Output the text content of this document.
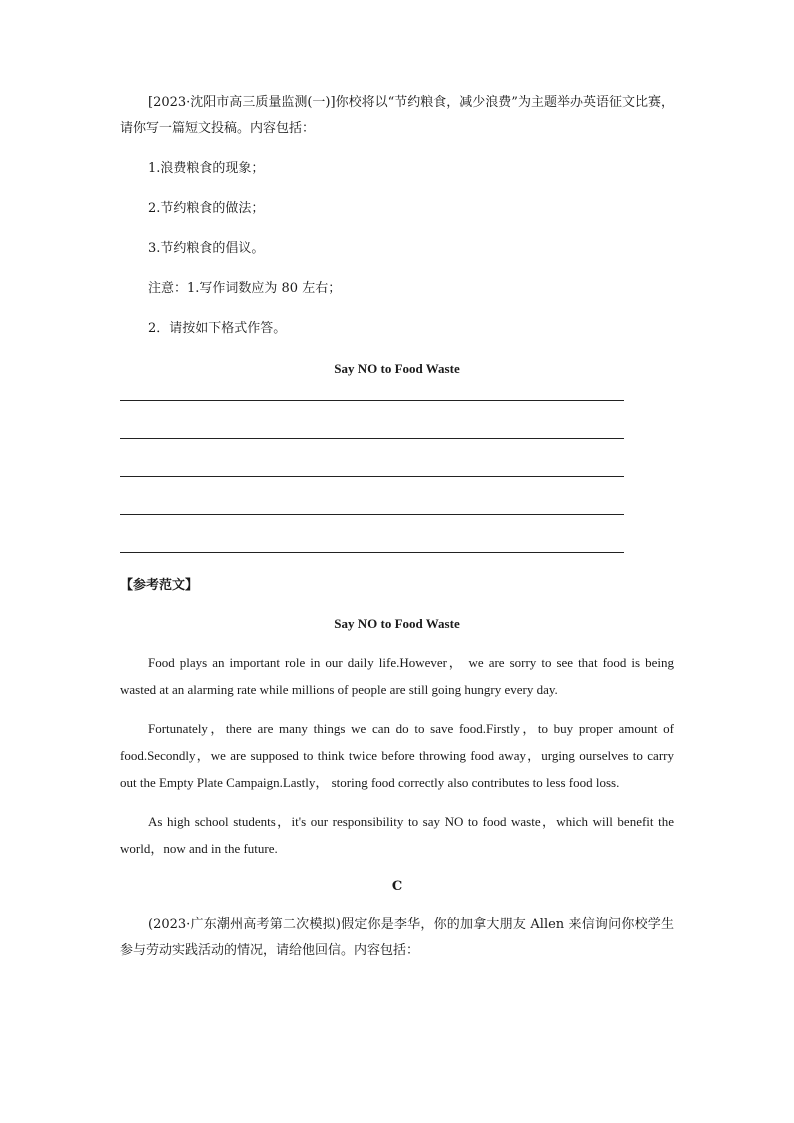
[2023·沈阳市高三质量监测(一)]你校将以“节约粮食，减少浪费”为主题举办英语征文比赛，请你写一篇短文投稿。内容包括：

1.浪费粮食的现象；

2.节约粮食的做法；

3.节约粮食的倡议。

注意：1.写作词数应为 80 左右；

2．请按如下格式作答。

Say NO to Food Waste

【参考范文】

Say NO to Food Waste

Food plays an important role in our daily life.However， we are sorry to see that food is being wasted at an alarming rate while millions of people are still going hungry every day.

Fortunately，there are many things we can do to save food.Firstly，to buy proper amount of food.Secondly，we are supposed to think twice before throwing food away，urging ourselves to carry out the Empty Plate Campaign.Lastly， storing food correctly also contributes to less food loss.

As high school students，it's our responsibility to say NO to food waste，which will benefit the world，now and in the future.

C

(2023·广东潮州高考第二次模拟)假定你是李华，你的加拿大朋友 Allen 来信询问你校学生参与劳动实践活动的情况，请给他回信。内容包括：
